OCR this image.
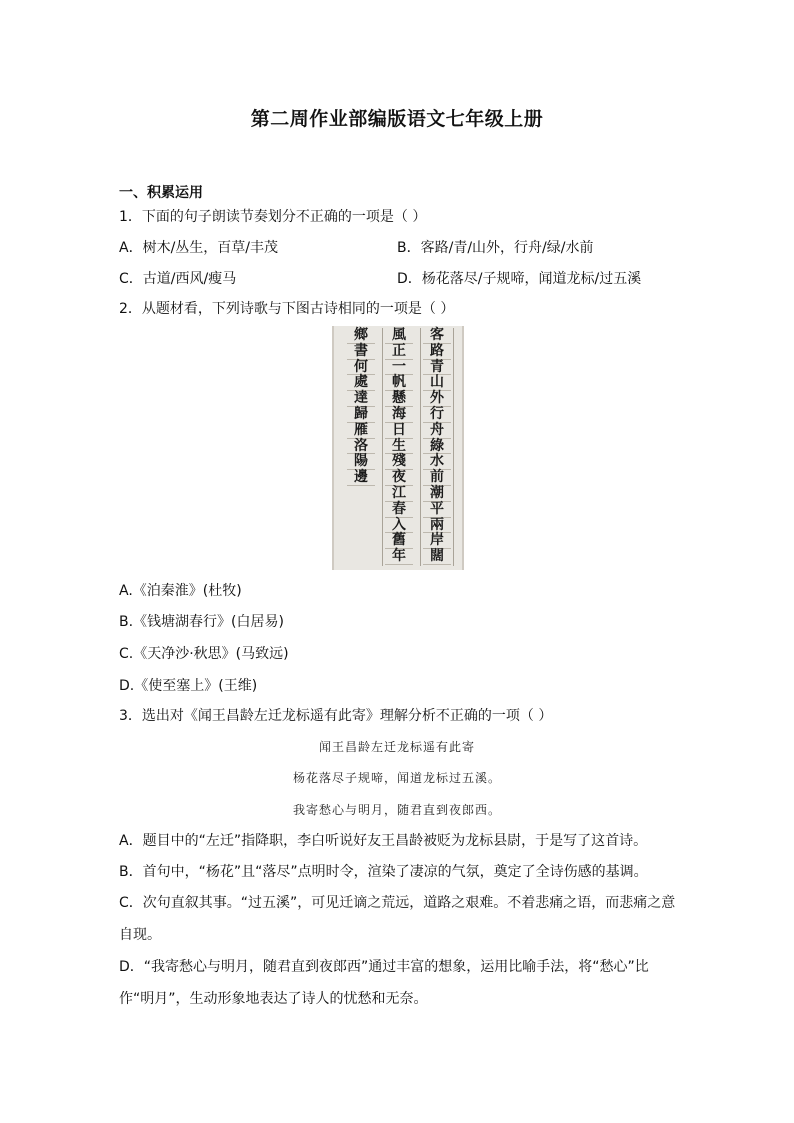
第二周作业部编版语文七年级上册
一、积累运用
1．下面的句子朗读节奏划分不正确的一项是（ ）
A．树木/丛生，百草/丰茂	B．客路/青/山外，行舟/绿/水前
C．古道/西风/瘦马	D．杨花落尽/子规啼，闻道龙标/过五溪
2．从题材看，下列诗歌与下图古诗相同的一项是（ ）
客
路
青
山
外
行
舟
綠
水
前
潮
平
兩
岸
闊
風
正
一
帆
懸
海
日
生
殘
夜
江
春
入
舊
年
鄉
書
何
處
達
歸
雁
洛
陽
邊
A.《泊秦淮》(杜牧)
B.《钱塘湖春行》(白居易)
C.《天净沙·秋思》(马致远)
D.《使至塞上》(王维)
3．选出对《闻王昌龄左迁龙标遥有此寄》理解分析不正确的一项（ ）
闻王昌龄左迁龙标遥有此寄
杨花落尽子规啼，闻道龙标过五溪。
我寄愁心与明月，随君直到夜郎西。
A．题目中的“左迁”指降职，李白听说好友王昌龄被贬为龙标县尉，于是写了这首诗。
B．首句中，“杨花”且“落尽”点明时令，渲染了凄凉的气氛，奠定了全诗伤感的基调。
C．次句直叙其事。“过五溪”，可见迁谪之荒远，道路之艰难。不着悲痛之语，而悲痛之意自现。
D．“我寄愁心与明月，随君直到夜郎西”通过丰富的想象，运用比喻手法，将“愁心”比作“明月”，生动形象地表达了诗人的忧愁和无奈。
